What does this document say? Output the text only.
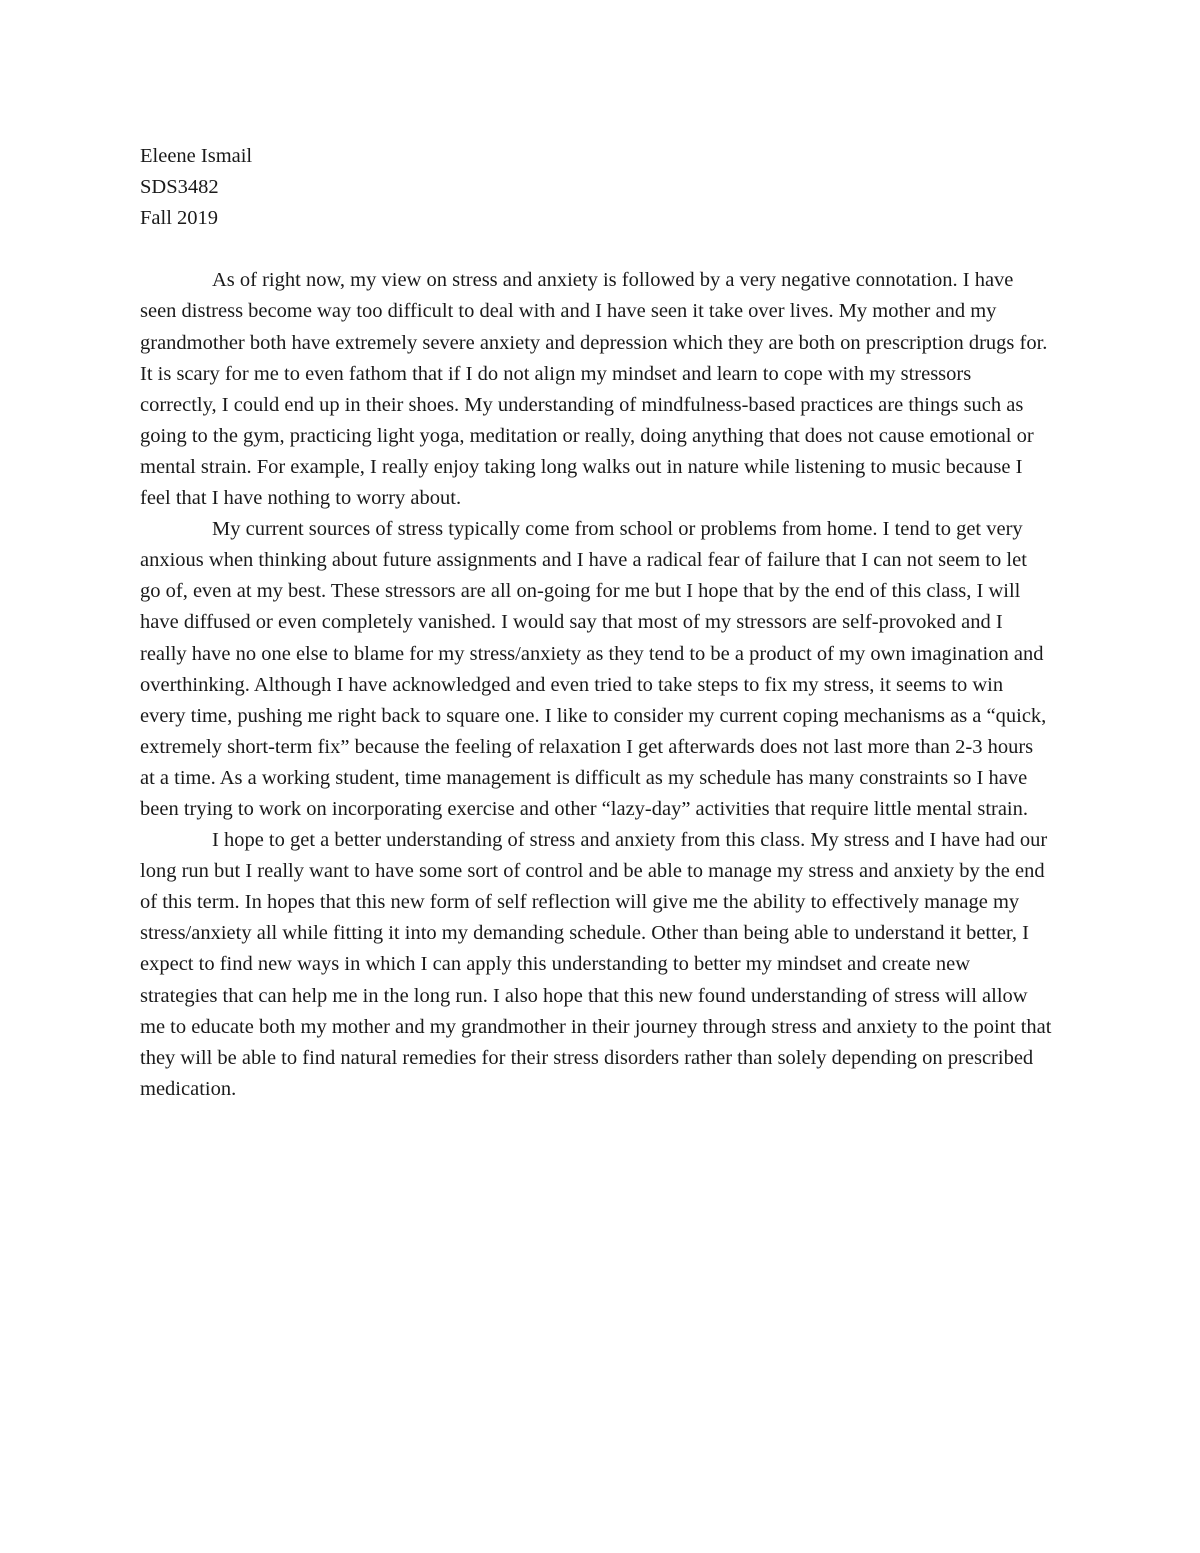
Eleene Ismail

SDS3482

Fall 2019

As of right now, my view on stress and anxiety is followed by a very negative connotation. I have seen distress become way too difficult to deal with and I have seen it take over lives. My mother and my grandmother both have extremely severe anxiety and depression which they are both on prescription drugs for. It is scary for me to even fathom that if I do not align my mindset and learn to cope with my stressors correctly, I could end up in their shoes. My understanding of mindfulness-based practices are things such as going to the gym, practicing light yoga, meditation or really, doing anything that does not cause emotional or mental strain. For example, I really enjoy taking long walks out in nature while listening to music because I feel that I have nothing to worry about.

My current sources of stress typically come from school or problems from home. I tend to get very anxious when thinking about future assignments and I have a radical fear of failure that I can not seem to let go of, even at my best. These stressors are all on-going for me but I hope that by the end of this class, I will have diffused or even completely vanished. I would say that most of my stressors are self-provoked and I really have no one else to blame for my stress/anxiety as they tend to be a product of my own imagination and overthinking. Although I have acknowledged and even tried to take steps to fix my stress, it seems to win every time, pushing me right back to square one. I like to consider my current coping mechanisms as a “quick, extremely short-term fix” because the feeling of relaxation I get afterwards does not last more than 2-3 hours at a time. As a working student, time management is difficult as my schedule has many constraints so I have been trying to work on incorporating exercise and other “lazy-day” activities that require little mental strain.

I hope to get a better understanding of stress and anxiety from this class. My stress and I have had our long run but I really want to have some sort of control and be able to manage my stress and anxiety by the end of this term. In hopes that this new form of self reflection will give me the ability to effectively manage my stress/anxiety all while fitting it into my demanding schedule. Other than being able to understand it better, I expect to find new ways in which I can apply this understanding to better my mindset and create new strategies that can help me in the long run. I also hope that this new found understanding of stress will allow me to educate both my mother and my grandmother in their journey through stress and anxiety to the point that they will be able to find natural remedies for their stress disorders rather than solely depending on prescribed medication.
